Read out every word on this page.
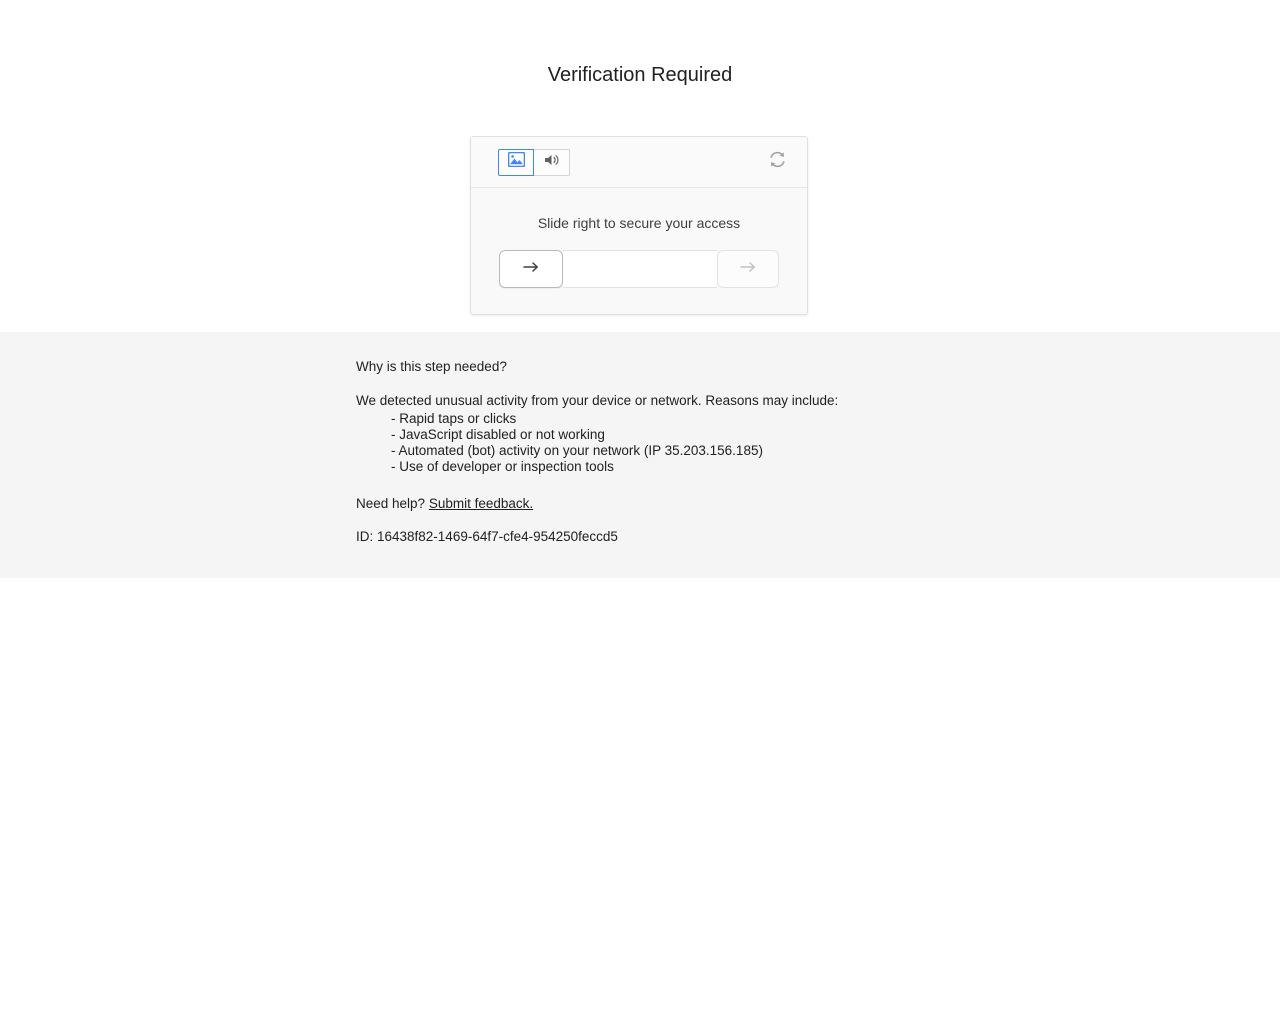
Verification Required
Slide right to secure your access
Why is this step needed?
We detected unusual activity from your device or network. Reasons may include:
- Rapid taps or clicks
- JavaScript disabled or not working
- Automated (bot) activity on your network (IP 35.203.156.185)
- Use of developer or inspection tools
Need help? Submit feedback.
ID: 16438f82-1469-64f7-cfe4-954250feccd5
